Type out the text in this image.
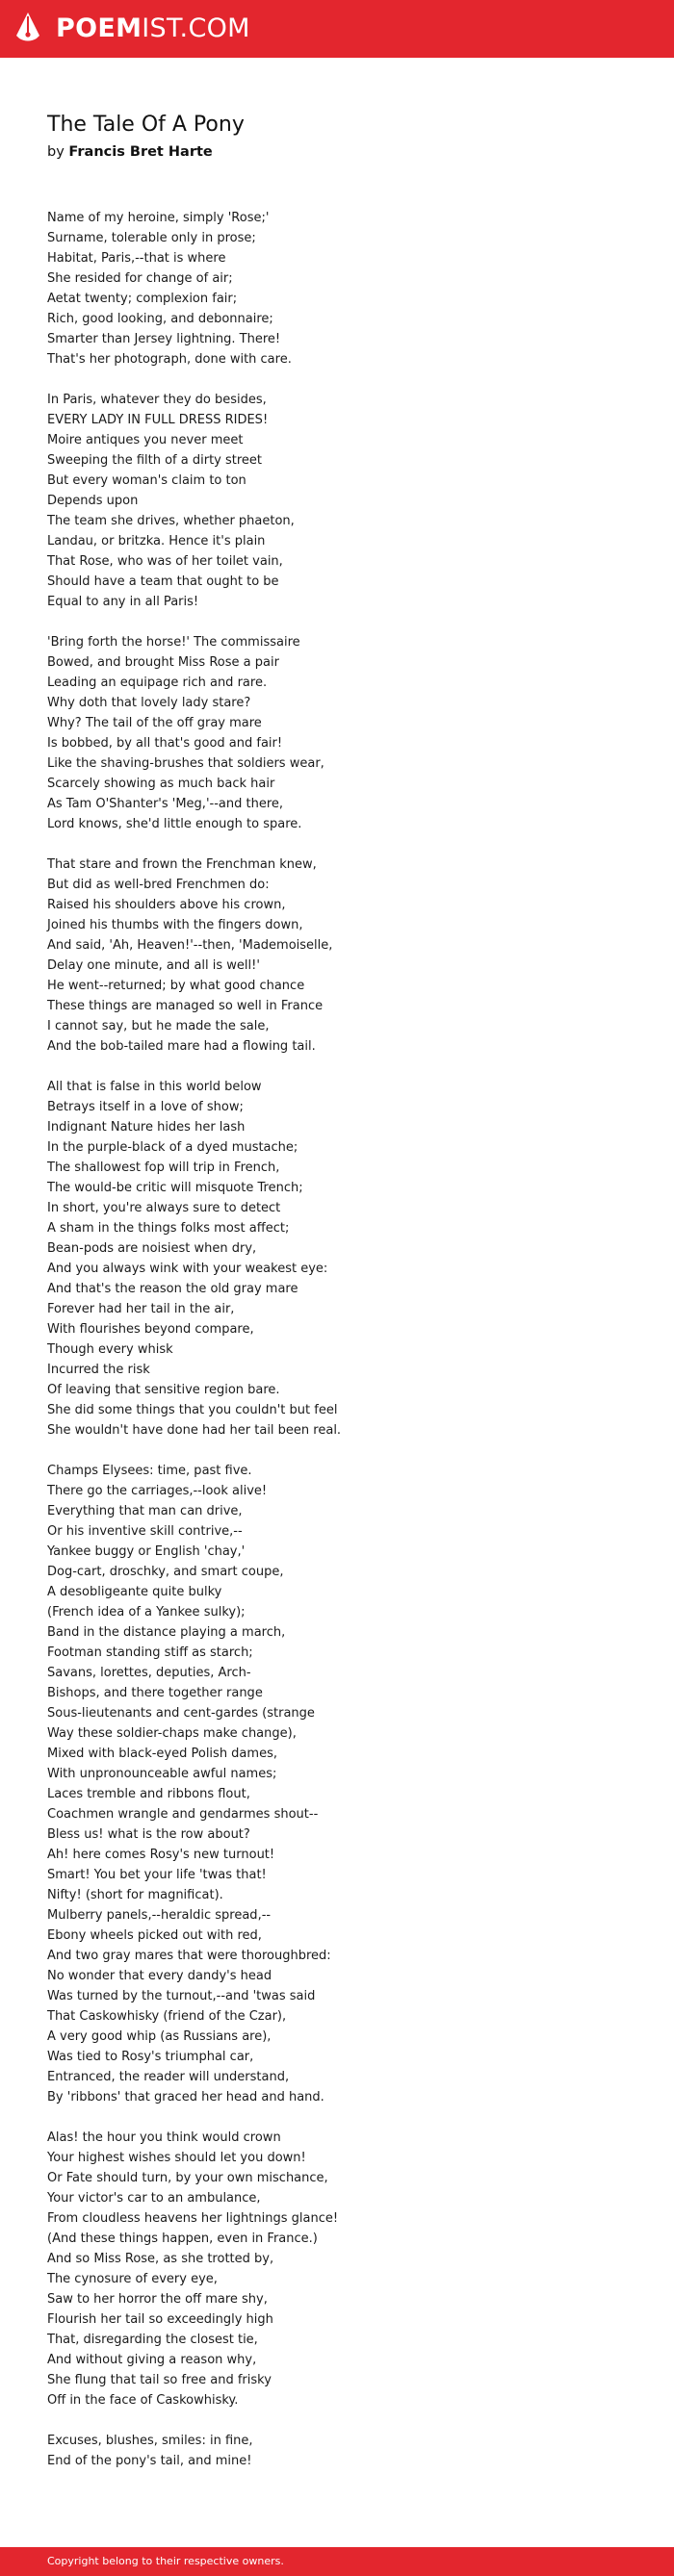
POEMIST.COM
The Tale Of A Pony
by Francis Bret Harte
Name of my heroine, simply 'Rose;'
Surname, tolerable only in prose;
Habitat, Paris,--that is where
She resided for change of air;
Aetat twenty; complexion fair;
Rich, good looking, and debonnaire;
Smarter than Jersey lightning. There!
That's her photograph, done with care.
In Paris, whatever they do besides,
EVERY LADY IN FULL DRESS RIDES!
Moire antiques you never meet
Sweeping the filth of a dirty street
But every woman's claim to ton
Depends upon
The team she drives, whether phaeton,
Landau, or britzka. Hence it's plain
That Rose, who was of her toilet vain,
Should have a team that ought to be
Equal to any in all Paris!
'Bring forth the horse!' The commissaire
Bowed, and brought Miss Rose a pair
Leading an equipage rich and rare.
Why doth that lovely lady stare?
Why? The tail of the off gray mare
Is bobbed, by all that's good and fair!
Like the shaving-brushes that soldiers wear,
Scarcely showing as much back hair
As Tam O'Shanter's 'Meg,'--and there,
Lord knows, she'd little enough to spare.
That stare and frown the Frenchman knew,
But did as well-bred Frenchmen do:
Raised his shoulders above his crown,
Joined his thumbs with the fingers down,
And said, 'Ah, Heaven!'--then, 'Mademoiselle,
Delay one minute, and all is well!'
He went--returned; by what good chance
These things are managed so well in France
I cannot say, but he made the sale,
And the bob-tailed mare had a flowing tail.
All that is false in this world below
Betrays itself in a love of show;
Indignant Nature hides her lash
In the purple-black of a dyed mustache;
The shallowest fop will trip in French,
The would-be critic will misquote Trench;
In short, you're always sure to detect
A sham in the things folks most affect;
Bean-pods are noisiest when dry,
And you always wink with your weakest eye:
And that's the reason the old gray mare
Forever had her tail in the air,
With flourishes beyond compare,
Though every whisk
Incurred the risk
Of leaving that sensitive region bare.
She did some things that you couldn't but feel
She wouldn't have done had her tail been real.
Champs Elysees: time, past five.
There go the carriages,--look alive!
Everything that man can drive,
Or his inventive skill contrive,--
Yankee buggy or English 'chay,'
Dog-cart, droschky, and smart coupe,
A desobligeante quite bulky
(French idea of a Yankee sulky);
Band in the distance playing a march,
Footman standing stiff as starch;
Savans, lorettes, deputies, Arch-
Bishops, and there together range
Sous-lieutenants and cent-gardes (strange
Way these soldier-chaps make change),
Mixed with black-eyed Polish dames,
With unpronounceable awful names;
Laces tremble and ribbons flout,
Coachmen wrangle and gendarmes shout--
Bless us! what is the row about?
Ah! here comes Rosy's new turnout!
Smart! You bet your life 'twas that!
Nifty! (short for magnificat).
Mulberry panels,--heraldic spread,--
Ebony wheels picked out with red,
And two gray mares that were thoroughbred:
No wonder that every dandy's head
Was turned by the turnout,--and 'twas said
That Caskowhisky (friend of the Czar),
A very good whip (as Russians are),
Was tied to Rosy's triumphal car,
Entranced, the reader will understand,
By 'ribbons' that graced her head and hand.
Alas! the hour you think would crown
Your highest wishes should let you down!
Or Fate should turn, by your own mischance,
Your victor's car to an ambulance,
From cloudless heavens her lightnings glance!
(And these things happen, even in France.)
And so Miss Rose, as she trotted by,
The cynosure of every eye,
Saw to her horror the off mare shy,
Flourish her tail so exceedingly high
That, disregarding the closest tie,
And without giving a reason why,
She flung that tail so free and frisky
Off in the face of Caskowhisky.
Excuses, blushes, smiles: in fine,
End of the pony's tail, and mine!
Copyright belong to their respective owners.
